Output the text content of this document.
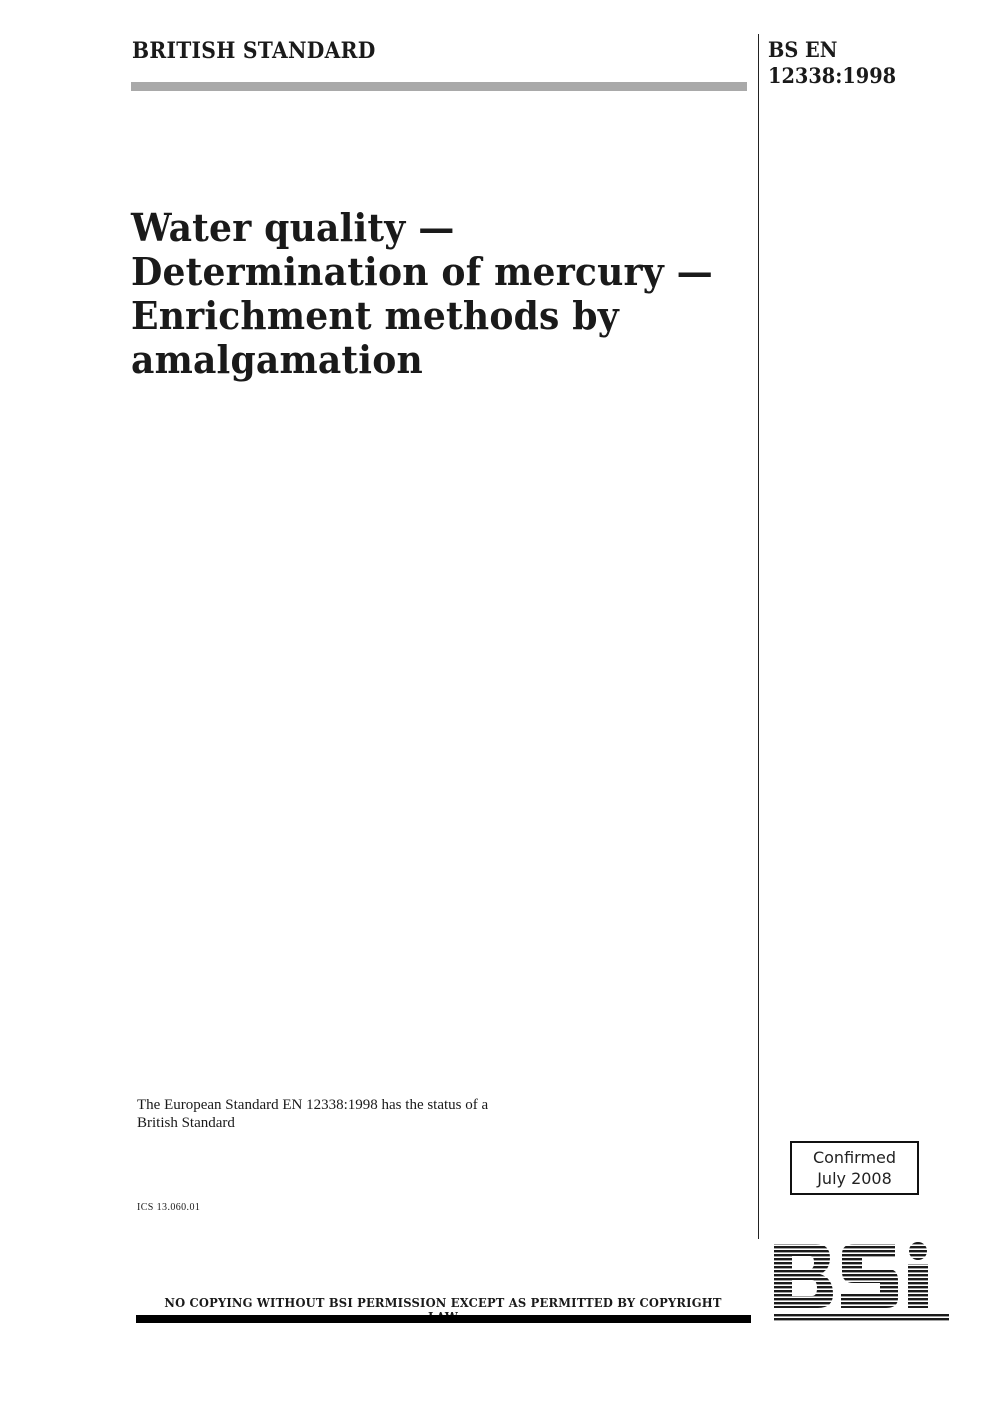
BRITISH STANDARD	BS EN
12338:1998
Water quality —
Determination of mercury —
Enrichment methods by
amalgamation
The European Standard EN 12338:1998 has the status of a
British Standard
ICS 13.060.01
Confirmed
July 2008
NO COPYING WITHOUT BSI PERMISSION EXCEPT AS PERMITTED BY COPYRIGHT
